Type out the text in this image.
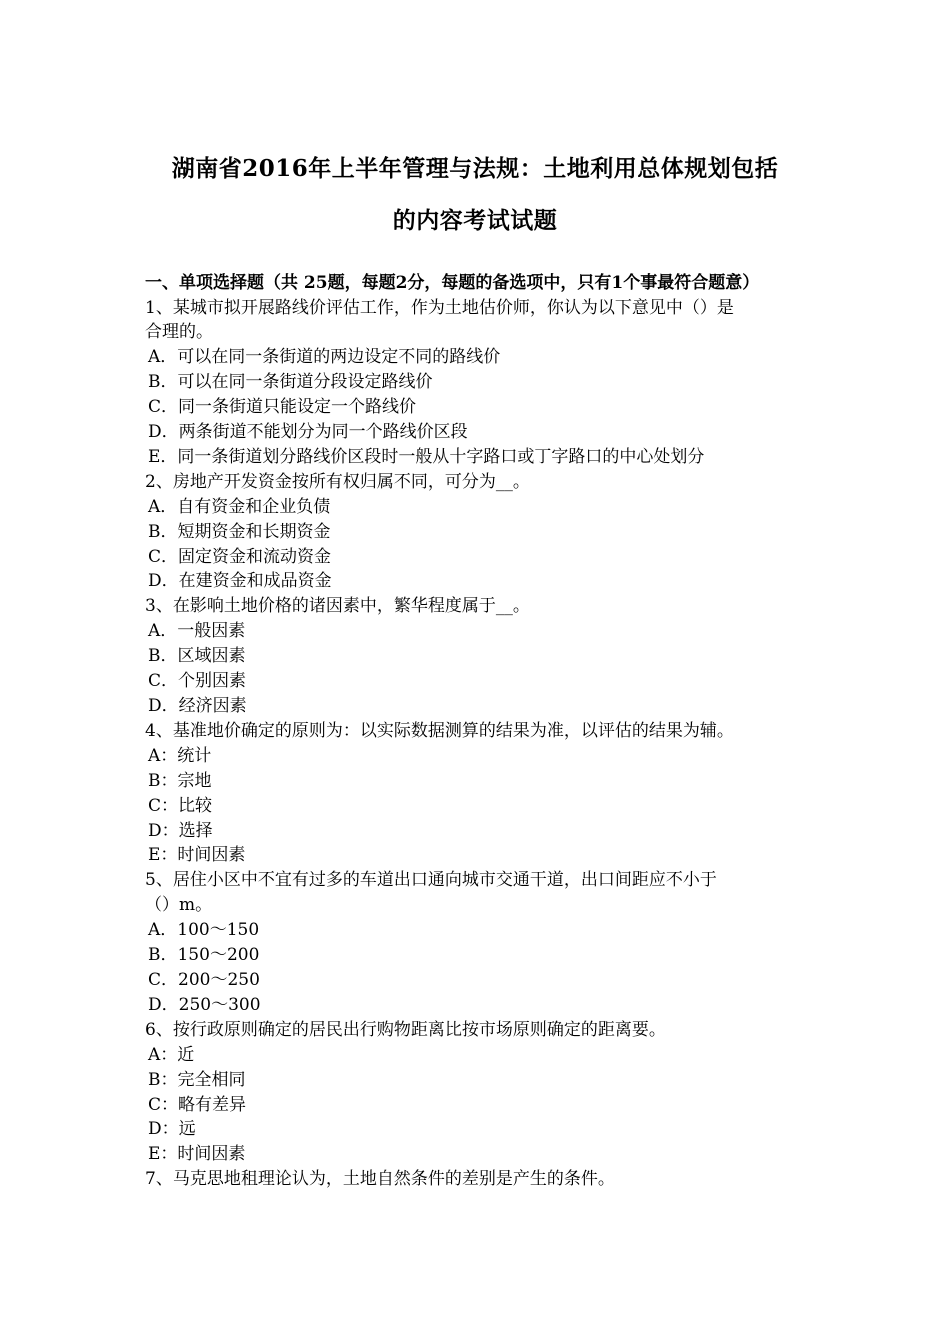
湖南省2016年上半年管理与法规：土地利用总体规划包括
的内容考试试题

一、单项选择题（共 25题，每题2分，每题的备选项中，只有1个事最符合题意）

1、某城市拟开展路线价评估工作，作为土地估价师，你认为以下意见中（）是

合理的。

A．可以在同一条街道的两边设定不同的路线价

B．可以在同一条街道分段设定路线价

C．同一条街道只能设定一个路线价

D．两条街道不能划分为同一个路线价区段

E．同一条街道划分路线价区段时一般从十字路口或丁字路口的中心处划分

2、房地产开发资金按所有权归属不同，可分为__。

A．自有资金和企业负债

B．短期资金和长期资金

C．固定资金和流动资金

D．在建资金和成品资金

3、在影响土地价格的诸因素中，繁华程度属于__。

A．一般因素

B．区域因素

C．个别因素

D．经济因素

4、基准地价确定的原则为：以实际数据测算的结果为准，以评估的结果为辅。

A：统计

B：宗地

C：比较

D：选择

E：时间因素

5、居住小区中不宜有过多的车道出口通向城市交通干道，出口间距应不小于

（）m。

A．100～150

B．150～200

C．200～250

D．250～300

6、按行政原则确定的居民出行购物距离比按市场原则确定的距离要。

A：近

B：完全相同

C：略有差异

D：远

E：时间因素

7、马克思地租理论认为，土地自然条件的差别是产生的条件。
